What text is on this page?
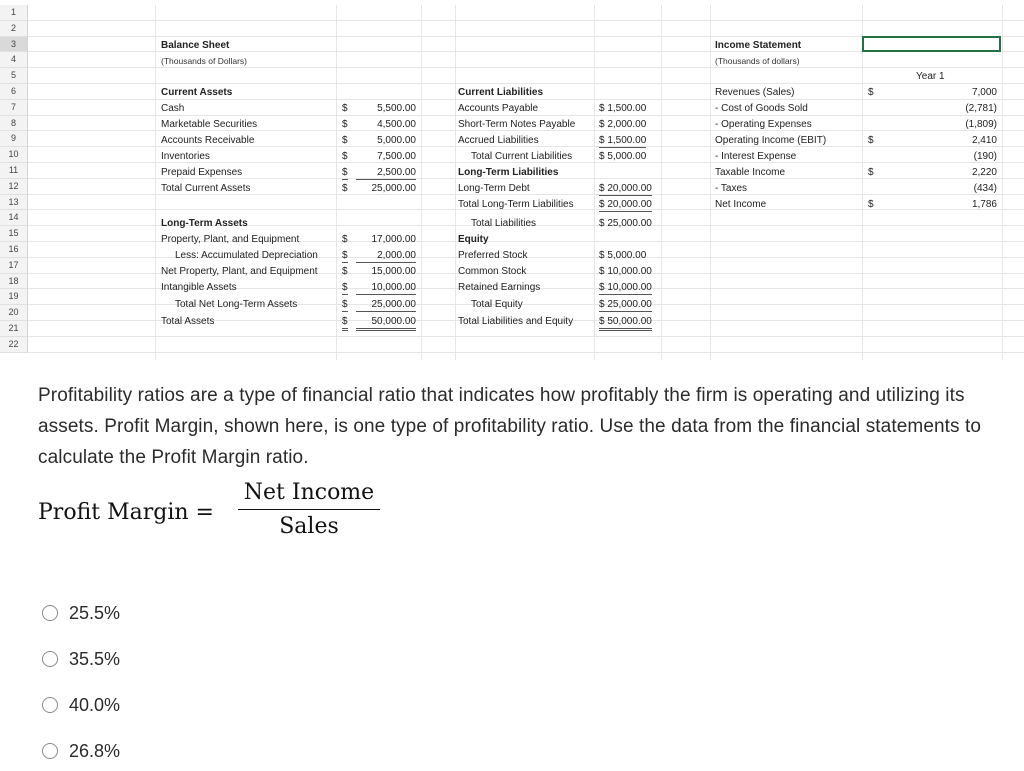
1
2
3
4
5
6
7
8
9
10
11
12
13
14
15
16
17
18
19
20
21
22
Balance Sheet
(Thousands of Dollars)
Current Assets
Cash	$	5,500.00
Marketable Securities	$	4,500.00
Accounts Receivable	$	5,000.00
Inventories	$	7,500.00
Prepaid Expenses	$	2,500.00
Total Current Assets	$	25,000.00
Long-Term Assets
Property, Plant, and Equipment	$	17,000.00
Less: Accumulated Depreciation $	2,000.00
Net Property, Plant, and Equipment $	15,000.00
Intangible Assets	$	10,000.00
Total Net Long-Term Assets	$	25,000.00
Total Assets	$	50,000.00
Current Liabilities
Accounts Payable	$ 1,500.00
Short-Term Notes Payable $ 2,000.00
Accrued Liabilities	$ 1,500.00
Total Current Liabilities	$ 5,000.00
Long-Term Liabilities
Long-Term Debt	$ 20,000.00
Total Long-Term Liabilities	$ 20,000.00
Total Liabilities	$ 25,000.00
Equity
Preferred Stock	$ 5,000.00
Common Stock	$ 10,000.00
Retained Earnings	$ 10,000.00
Total Equity	$ 25,000.00
Total Liabilities and Equity	$ 50,000.00
Income Statement
(Thousands of dollars)
Year 1
Revenues (Sales)	$	7,000
- Cost of Goods Sold	(2,781)
- Operating Expenses	(1,809)
Operating Income (EBIT)	$	2,410
- Interest Expense	(190)
Taxable Income	$	2,220
- Taxes	(434)
Net Income	$	1,786
Profitability ratios are a type of financial ratio that indicates how profitably the firm is operating and utilizing its assets. Profit Margin, shown here, is one type of profitability ratio. Use the data from the financial statements to calculate the Profit Margin ratio.
Profit Margin =
Net Income
Sales
25.5%
35.5%
40.0%
26.8%
